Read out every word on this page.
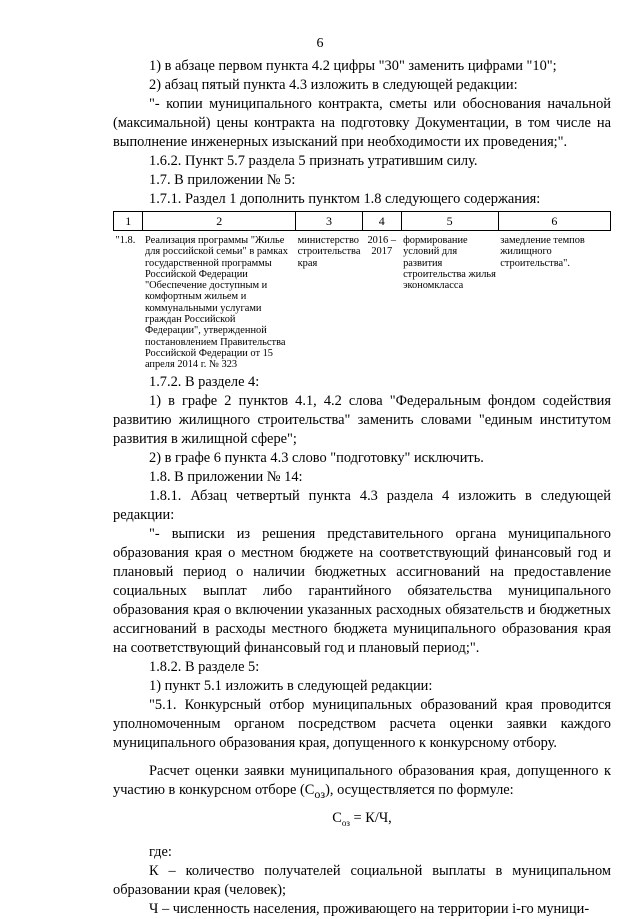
6

1) в абзаце первом пункта 4.2 цифры "30" заменить цифрами "10";

2) абзац пятый пункта 4.3 изложить в следующей редакции:

"- копии муниципального контракта, сметы или обоснования начальной (максимальной) цены контракта на подготовку Документации, в том числе на выполнение инженерных изысканий при необходимости их проведения;".

1.6.2. Пункт 5.7 раздела 5 признать утратившим силу.

1.7. В приложении № 5:

1.7.1. Раздел 1 дополнить пунктом 1.8 следующего содержания:

1	2	3	4	5	6
"1.8.	Реализация программы "Жилье для российской семьи" в рамках государственной программы Российской Федерации "Обеспечение доступным и комфортным жильем и коммунальными услугами граждан Российской Федерации", утвержденной постановлением Правительства Российской Федерации от 15 апреля 2014 г. № 323	министерство строительства края	2016 – 2017	формирование условий для развития строительства жилья экономкласса	замедление темпов жилищного строительства".

1.7.2. В разделе 4:

1) в графе 2 пунктов 4.1, 4.2 слова "Федеральным фондом содействия развитию жилищного строительства" заменить словами "единым институтом развития в жилищной сфере";

2) в графе 6 пункта 4.3 слово "подготовку" исключить.

1.8. В приложении № 14:

1.8.1. Абзац четвертый пункта 4.3 раздела 4 изложить в следующей редакции:

"- выписки из решения представительного органа муниципального образования края о местном бюджете на соответствующий финансовый год и плановый период о наличии бюджетных ассигнований на предоставление социальных выплат либо гарантийного обязательства муниципального образования края о включении указанных расходных обязательств и бюджетных ассигнований в расходы местного бюджета муниципального образования края на соответствующий финансовый год и плановый период;".

1.8.2. В разделе 5:

1) пункт 5.1 изложить в следующей редакции:

"5.1. Конкурсный отбор муниципальных образований края проводится уполномоченным органом посредством расчета оценки заявки каждого муниципального образования края, допущенного к конкурсному отбору.

Расчет оценки заявки муниципального образования края, допущенного к участию в конкурсном отборе $(С_{оз})$, осуществляется по формуле:

$С_{оз} = К/Ч$,

где:

К – количество получателей социальной выплаты в муниципальном образовании края (человек);

Ч – численность населения, проживающего на территории i-го муници-
